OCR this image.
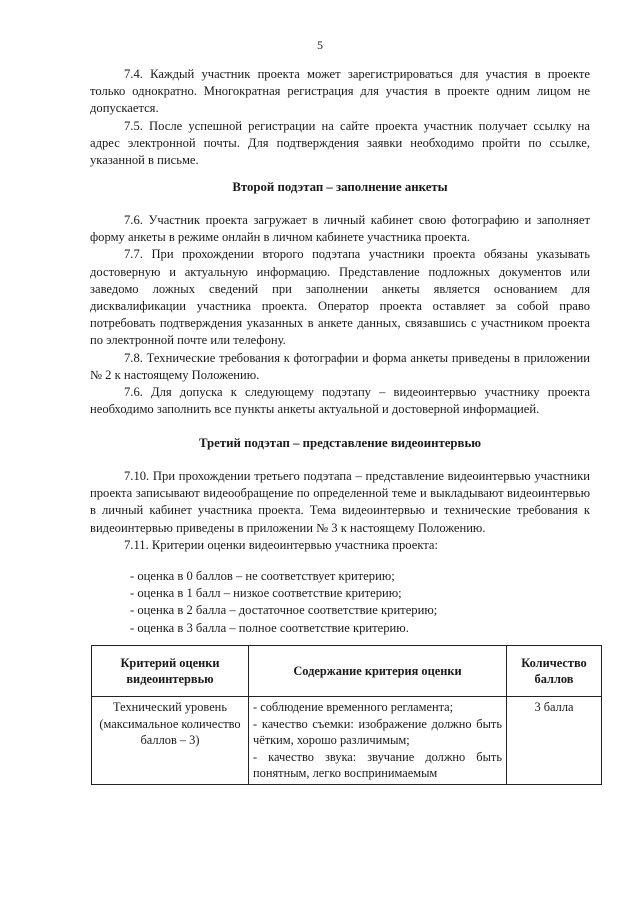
5

7.4. Каждый участник проекта может зарегистрироваться для участия в проекте только однократно. Многократная регистрация для участия в проекте одним лицом не допускается.

7.5. После успешной регистрации на сайте проекта участник получает ссылку на адрес электронной почты. Для подтверждения заявки необходимо пройти по ссылке, указанной в письме.

Второй подэтап – заполнение анкеты

7.6. Участник проекта загружает в личный кабинет свою фотографию и заполняет форму анкеты в режиме онлайн в личном кабинете участника проекта.

7.7. При прохождении второго подэтапа участники проекта обязаны указывать достоверную и актуальную информацию. Представление подложных документов или заведомо ложных сведений при заполнении анкеты является основанием для дисквалификации участника проекта. Оператор проекта оставляет за собой право потребовать подтверждения указанных в анкете данных, связавшись с участником проекта по электронной почте или телефону.

7.8. Технические требования к фотографии и форма анкеты приведены в приложении № 2 к настоящему Положению.

7.6. Для допуска к следующему подэтапу – видеоинтервью участнику проекта необходимо заполнить все пункты анкеты актуальной и достоверной информацией.

Третий подэтап – представление видеоинтервью

7.10. При прохождении третьего подэтапа – представление видеоинтервью участники проекта записывают видеообращение по определенной теме и выкладывают видеоинтервью в личный кабинет участника проекта. Тема видеоинтервью и технические требования к видеоинтервью приведены в приложении № 3 к настоящему Положению.

7.11. Критерии оценки видеоинтервью участника проекта:

- оценка в 0 баллов – не соответствует критерию;
- оценка в 1 балл – низкое соответствие критерию;
- оценка в 2 балла – достаточное соответствие критерию;
- оценка в 3 балла – полное соответствие критерию.
Критерий оценки видеоинтервью	Содержание критерия оценки	Количество баллов
Технический уровень (максимальное количество баллов – 3)	- соблюдение временного регламента;
- качество съемки: изображение должно быть чётким, хорошо различимым;
- качество звука: звучание должно быть понятным, легко воспринимаемым	3 балла
